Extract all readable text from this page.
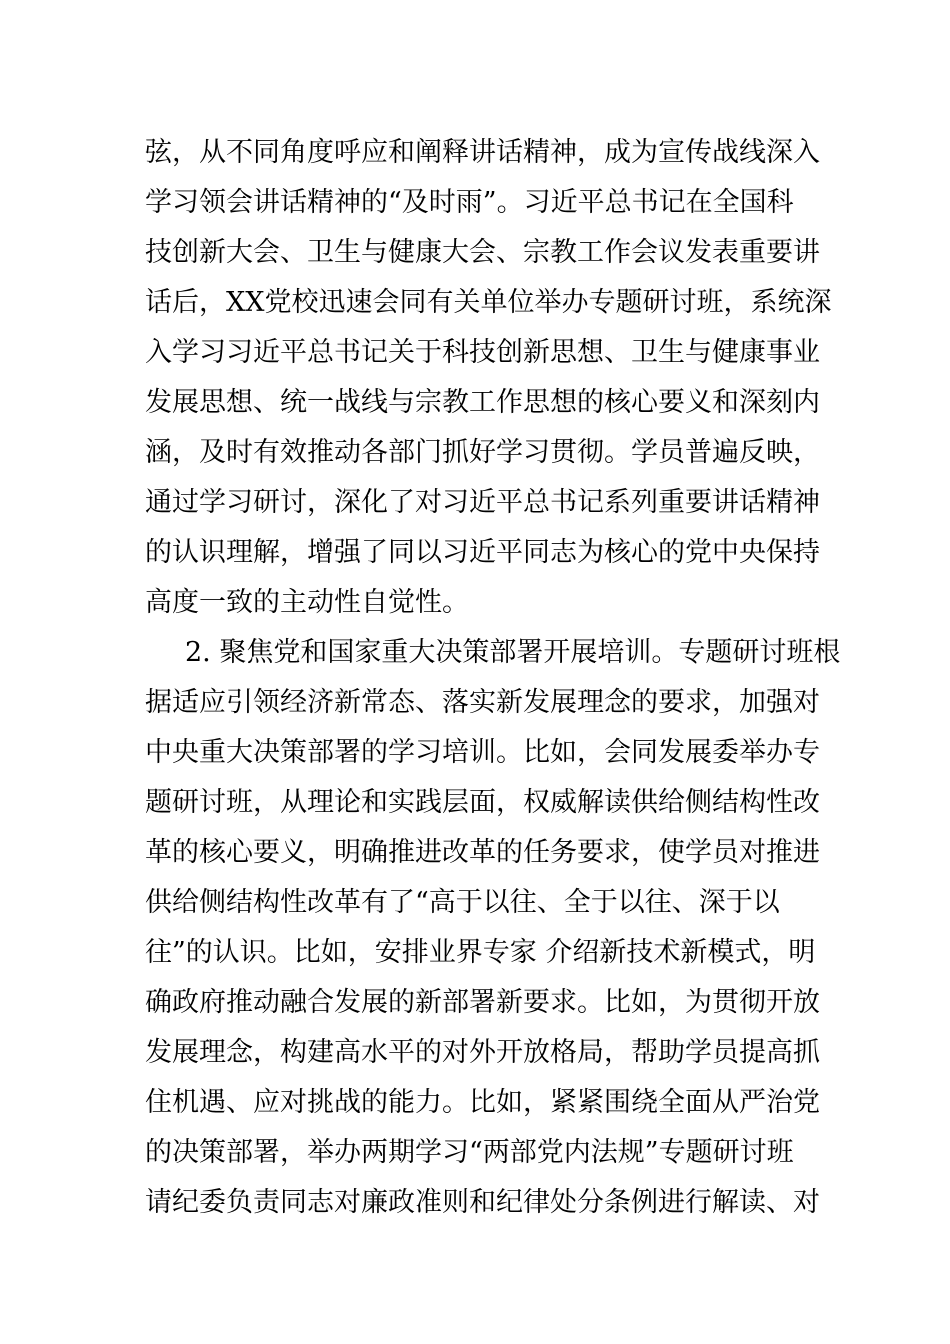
弦，从不同角度呼应和阐释讲话精神，成为宣传战线深入
学习领会讲话精神的“及时雨”。习近平总书记在全国科
技创新大会、卫生与健康大会、宗教工作会议发表重要讲
话后，XX党校迅速会同有关单位举办专题研讨班，系统深
入学习习近平总书记关于科技创新思想、卫生与健康事业
发展思想、统一战线与宗教工作思想的核心要义和深刻内
涵，及时有效推动各部门抓好学习贯彻。学员普遍反映，
通过学习研讨，深化了对习近平总书记系列重要讲话精神
的认识理解，增强了同以习近平同志为核心的党中央保持
高度一致的主动性自觉性。
2. 聚焦党和国家重大决策部署开展培训。专题研讨班根
据适应引领经济新常态、落实新发展理念的要求，加强对
中央重大决策部署的学习培训。比如，会同发展委举办专
题研讨班，从理论和实践层面，权威解读供给侧结构性改
革的核心要义，明确推进改革的任务要求，使学员对推进
供给侧结构性改革有了“高于以往、全于以往、深于以
往”的认识。比如，安排业界专家 介绍新技术新模式，明
确政府推动融合发展的新部署新要求。比如，为贯彻开放
发展理念，构建高水平的对外开放格局，帮助学员提高抓
住机遇、应对挑战的能力。比如，紧紧围绕全面从严治党
的决策部署，举办两期学习“两部党内法规”专题研讨班
请纪委负责同志对廉政准则和纪律处分条例进行解读、对
